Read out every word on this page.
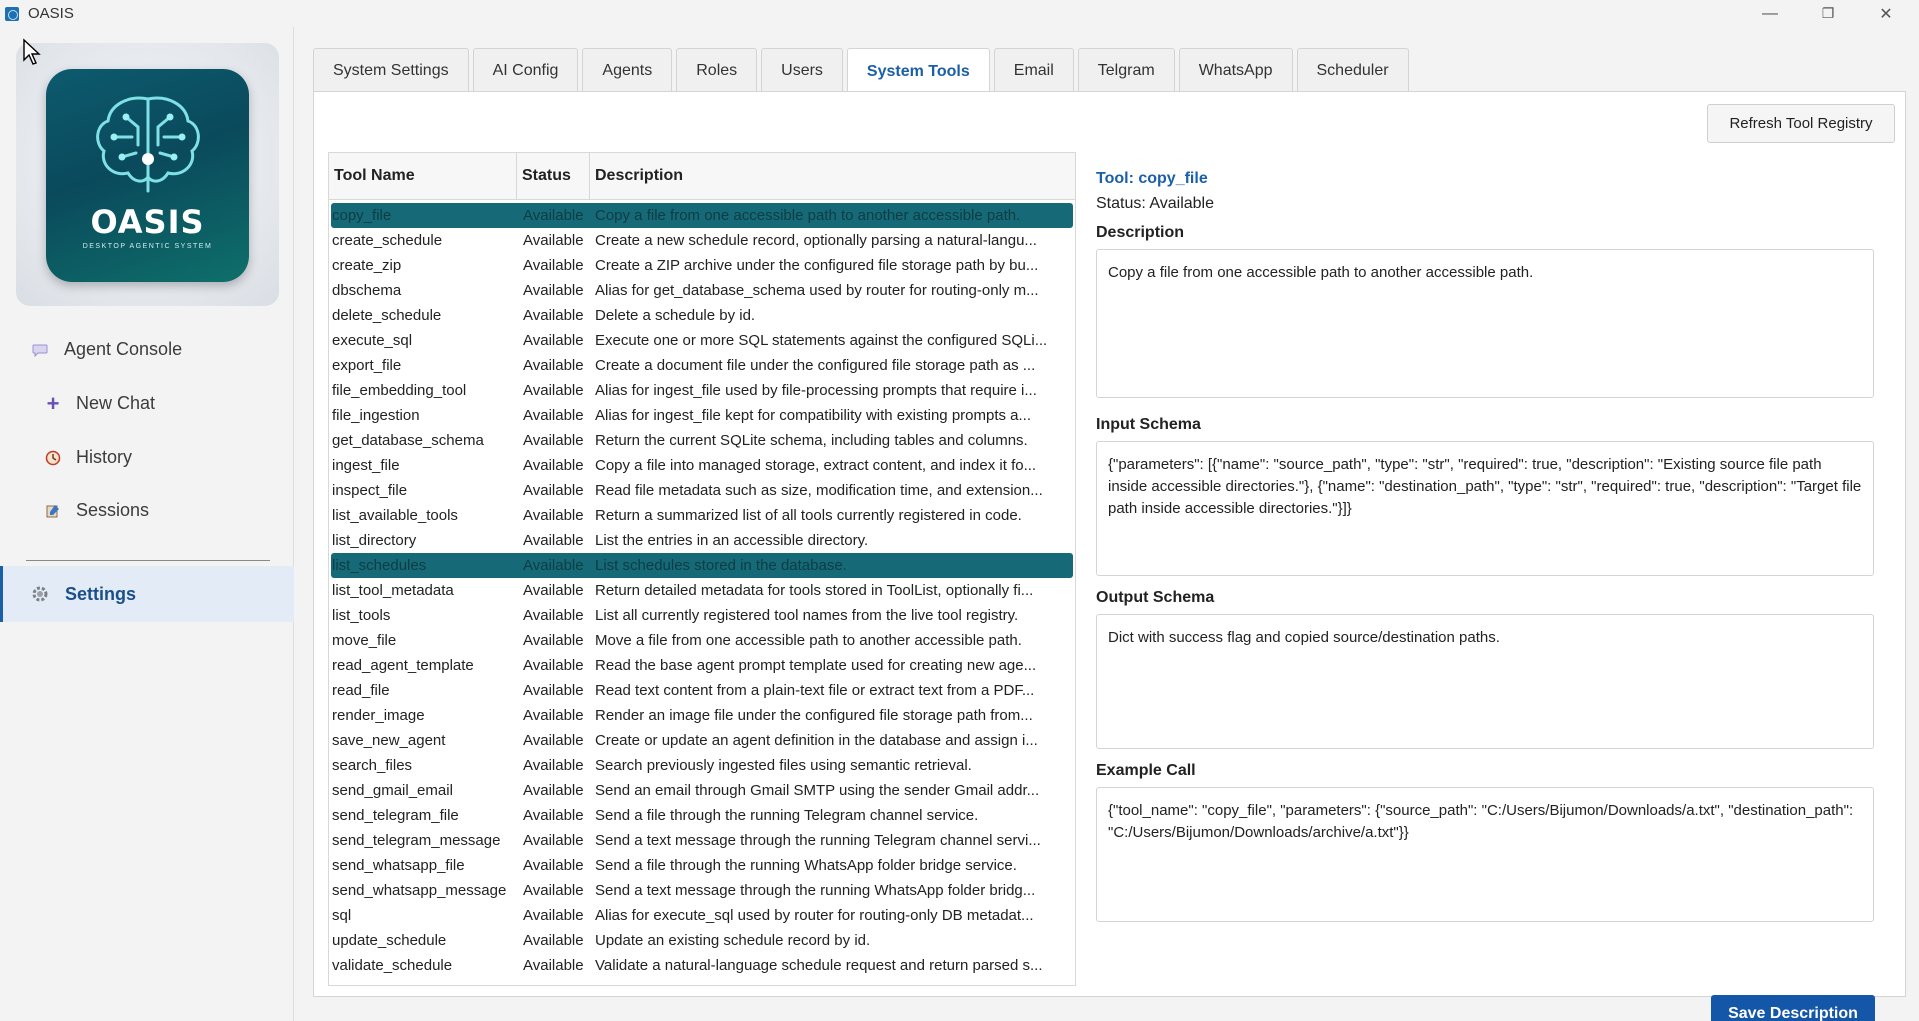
OASIS	—	❐	✕
OASIS
DESKTOP AGENTIC SYSTEM
Agent Console
+ New Chat
History
Sessions
Settings
System Settings	AI Config	Agents	Roles	Users	System Tools	Email	Telgram	WhatsApp	Scheduler
Refresh Tool Registry
Tool Name	Status	Description
copy_file	Available Copy a file from one accessible path to another accessible path.
create_schedule	Available Create a new schedule record, optionally parsing a natural-langu...
create_zip	Available Create a ZIP archive under the configured file storage path by bu...
dbschema	Available Alias for get_database_schema used by router for routing-only m...
delete_schedule	Available Delete a schedule by id.
execute_sql	Available Execute one or more SQL statements against the configured SQLi...
export_file	Available Create a document file under the configured file storage path as ...
file_embedding_tool	Available Alias for ingest_file used by file-processing prompts that require i...
file_ingestion	Available Alias for ingest_file kept for compatibility with existing prompts a...
get_database_schema	Available Return the current SQLite schema, including tables and columns.
ingest_file	Available Copy a file into managed storage, extract content, and index it fo...
inspect_file	Available Read file metadata such as size, modification time, and extension...
list_available_tools	Available Return a summarized list of all tools currently registered in code.
list_directory	Available List the entries in an accessible directory.
list_schedules	Available List schedules stored in the database.
list_tool_metadata	Available Return detailed metadata for tools stored in ToolList, optionally fi...
list_tools	Available List all currently registered tool names from the live tool registry.
move_file	Available Move a file from one accessible path to another accessible path.
read_agent_template	Available Read the base agent prompt template used for creating new age...
read_file	Available Read text content from a plain-text file or extract text from a PDF...
render_image	Available Render an image file under the configured file storage path from...
save_new_agent	Available Create or update an agent definition in the database and assign i...
search_files	Available Search previously ingested files using semantic retrieval.
send_gmail_email	Available Send an email through Gmail SMTP using the sender Gmail addr...
send_telegram_file	Available Send a file through the running Telegram channel service.
send_telegram_message	Available Send a text message through the running Telegram channel servi...
send_whatsapp_file	Available Send a file through the running WhatsApp folder bridge service.
send_whatsapp_message	Available Send a text message through the running WhatsApp folder bridg...
sql	Available Alias for execute_sql used by router for routing-only DB metadat...
update_schedule	Available Update an existing schedule record by id.
validate_schedule	Available Validate a natural-language schedule request and return parsed s...
Tool: copy_file
Status: Available
Description
Copy a file from one accessible path to another accessible path.
Input Schema
{"parameters": [{"name": "source_path", "type": "str", "required": true, "description": "Existing source file path inside accessible directories."}, {"name": "destination_path", "type": "str", "required": true, "description": "Target file path inside accessible directories."}]}
Output Schema
Dict with success flag and copied source/destination paths.
Example Call
{"tool_name": "copy_file", "parameters": {"source_path": "C:/Users/Bijumon/Downloads/a.txt", "destination_path": "C:/Users/Bijumon/Downloads/archive/a.txt"}}
Save Description
